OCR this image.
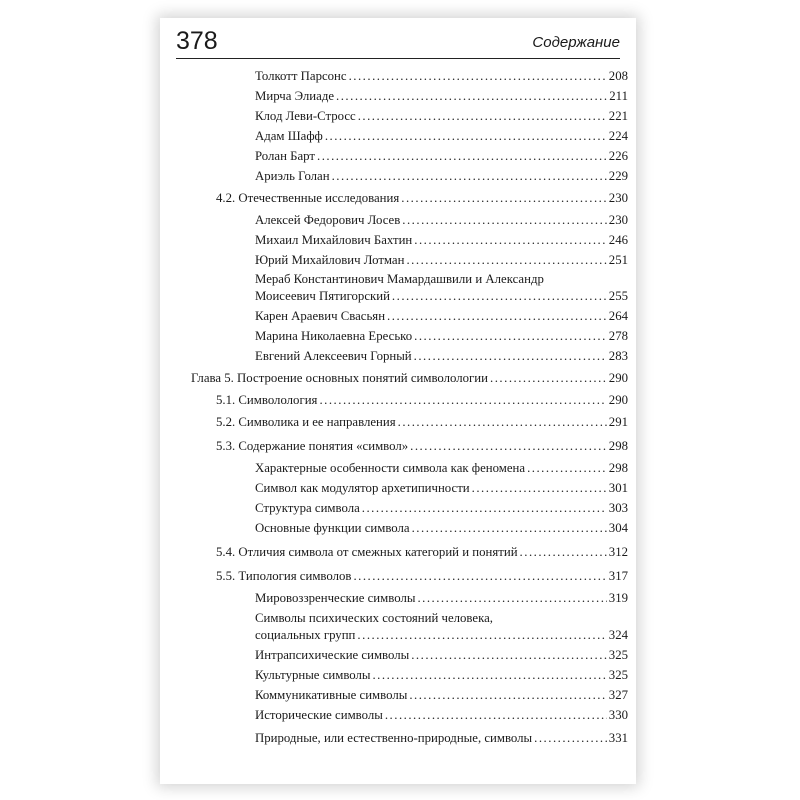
378	Содержание
Толкотт Парсонс .....	208
Мирча Элиаде .....	211
Клод Леви-Стросс .....	221
Адам Шафф .....	224
Ролан Барт .....	226
Ариэль Голан .....	229
4.2. Отечественные исследования .....	230
Алексей Федорович Лосев .....	230
Михаил Михайлович Бахтин .....	246
Юрий Михайлович Лотман .....	251
Мераб Константинович Мамардашвили и Александр
Моисеевич Пятигорский .....	255
Карен Араевич Свасьян .....	264
Марина Николаевна Ересько .....	278
Евгений Алексеевич Горный .....	283
Глава 5. Построение основных понятий символологии .....	290
5.1. Символология .....	290
5.2. Символика и ее направления .....	291
5.3. Содержание понятия «символ» .....	298
Характерные особенности символа как феномена .....	298
Символ как модулятор архетипичности .....	301
Структура символа .....	303
Основные функции символа .....	304
5.4. Отличия символа от смежных категорий и понятий .....	312
5.5. Типология символов .....	317
Мировоззренческие символы .....	319
Символы психических состояний человека,
социальных групп .....	324
Интрапсихические символы .....	325
Культурные символы .....	325
Коммуникативные символы .....	327
Исторические символы .....	330
Природные, или естественно-природные, символы .....	331
